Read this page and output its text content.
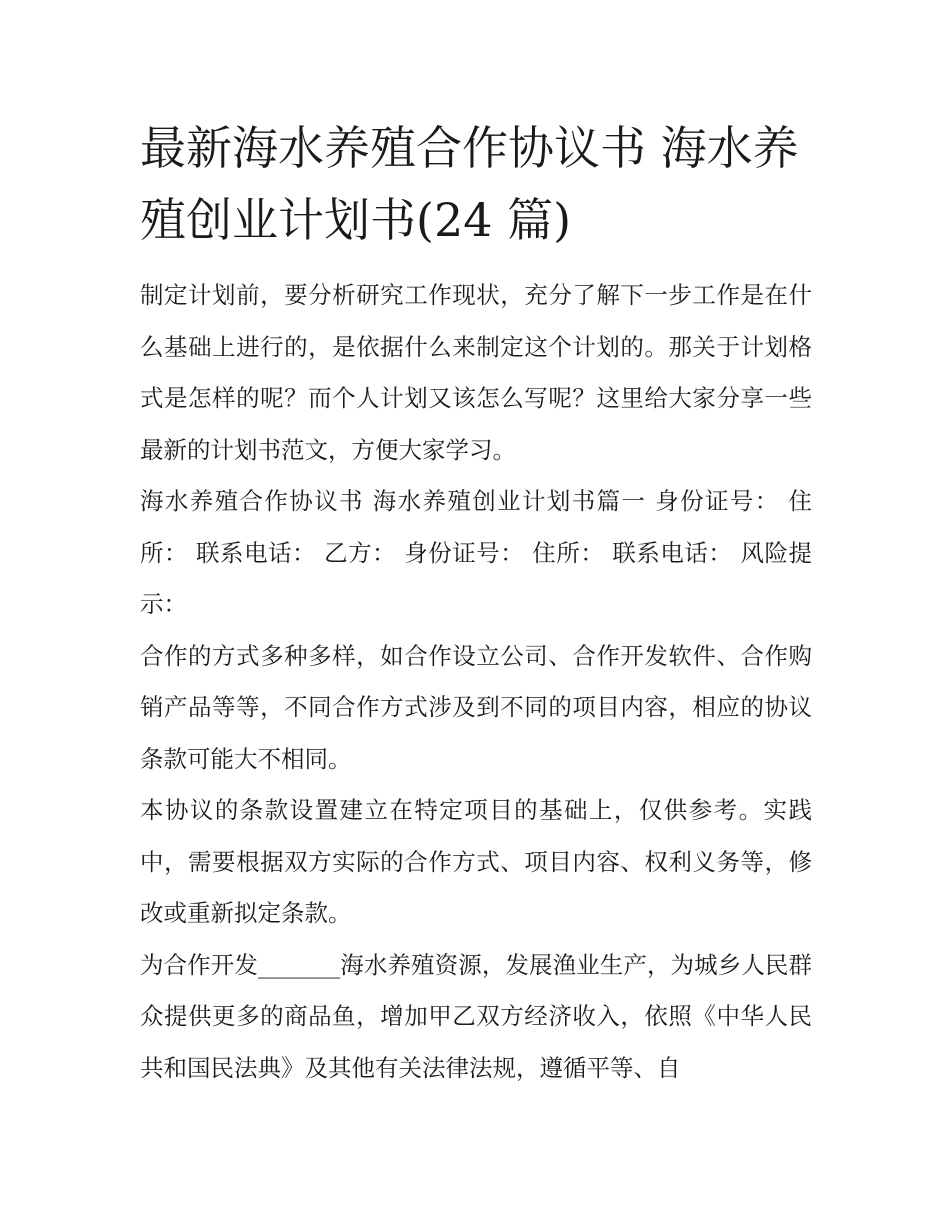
最新海水养殖合作协议书 海水养殖创业计划书(24 篇)

制定计划前，要分析研究工作现状，充分了解下一步工作是在什么基础上进行的，是依据什么来制定这个计划的。那关于计划格式是怎样的呢？而个人计划又该怎么写呢？这里给大家分享一些最新的计划书范文，方便大家学习。

海水养殖合作协议书 海水养殖创业计划书篇一 身份证号： 住所： 联系电话： 乙方： 身份证号： 住所： 联系电话： 风险提示：

合作的方式多种多样，如合作设立公司、合作开发软件、合作购销产品等等，不同合作方式涉及到不同的项目内容，相应的协议条款可能大不相同。

本协议的条款设置建立在特定项目的基础上，仅供参考。实践中，需要根据双方实际的合作方式、项目内容、权利义务等，修改或重新拟定条款。

为合作开发_______海水养殖资源，发展渔业生产，为城乡人民群众提供更多的商品鱼，增加甲乙双方经济收入，依照《中华人民共和国民法典》及其他有关法律法规，遵循平等、自
